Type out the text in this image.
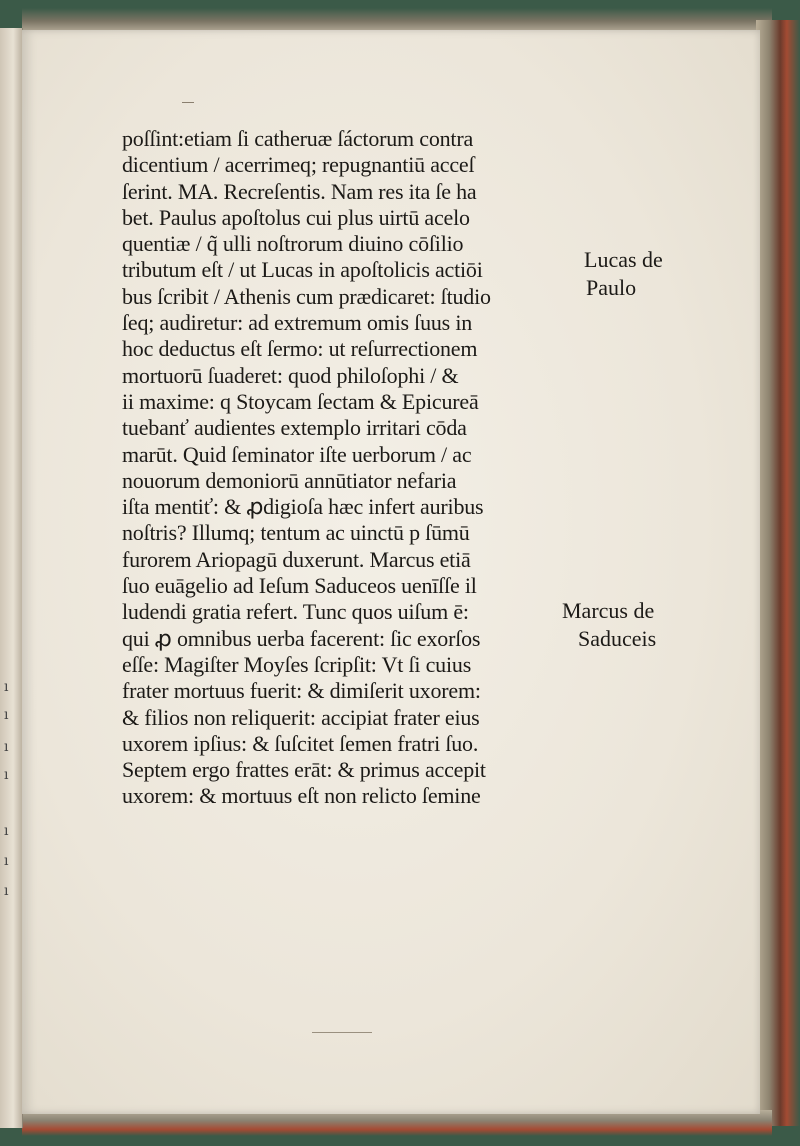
ı
ı
ı
ı
ı
ı
ı
poſſint:etiam ſi catheruæ ſáctorum contra
dicentium / acerrimeq; repugnantiū acceſ
ſerint. MA. Recreſentis. Nam res ita ſe ha
bet. Paulus apoſtolus cui plus uirtū acelo
quentiæ / q̃ ulli noſtrorum diuino cōſilio
tributum eſt / ut Lucas in apoſtolicis actiōi
bus ſcribit / Athenis cum prædicaret: ſtudio
ſeq; audiretur: ad extremum omis ſuus in
hoc deductus eſt ſermo: ut reſurrectionem
mortuorū ſuaderet: quod philoſophi / &
ii maxime: q Stoycam ſectam & Epicureā
tuebanť audientes extemplo irritari cōda
marūt. Quid ſeminator iſte uerborum / ac
nouorum demoniorū annūtiator nefaria
iſta mentiť: & ꝓdigioſa hæc infert auribus
noſtris? Illumq; tentum ac uinctū p ſūmū
furorem Ariopagū duxerunt. Marcus etiā
ſuo euāgelio ad Ieſum Saduceos uenīſſe il
ludendi gratia refert. Tunc quos uiſum ē:
qui ꝓ omnibus uerba facerent: ſic exorſos
eſſe: Magiſter Moyſes ſcripſit: Vt ſi cuius
frater mortuus fuerit: & dimiſerit uxorem:
& filios non reliquerit: accipiat frater eius
uxorem ipſius: & ſuſcitet ſemen fratri ſuo.
Septem ergo frattes erāt: & primus accepit
uxorem: & mortuus eſt non relicto ſemine
Lucas de
Paulo
Marcus de
Saduceis
